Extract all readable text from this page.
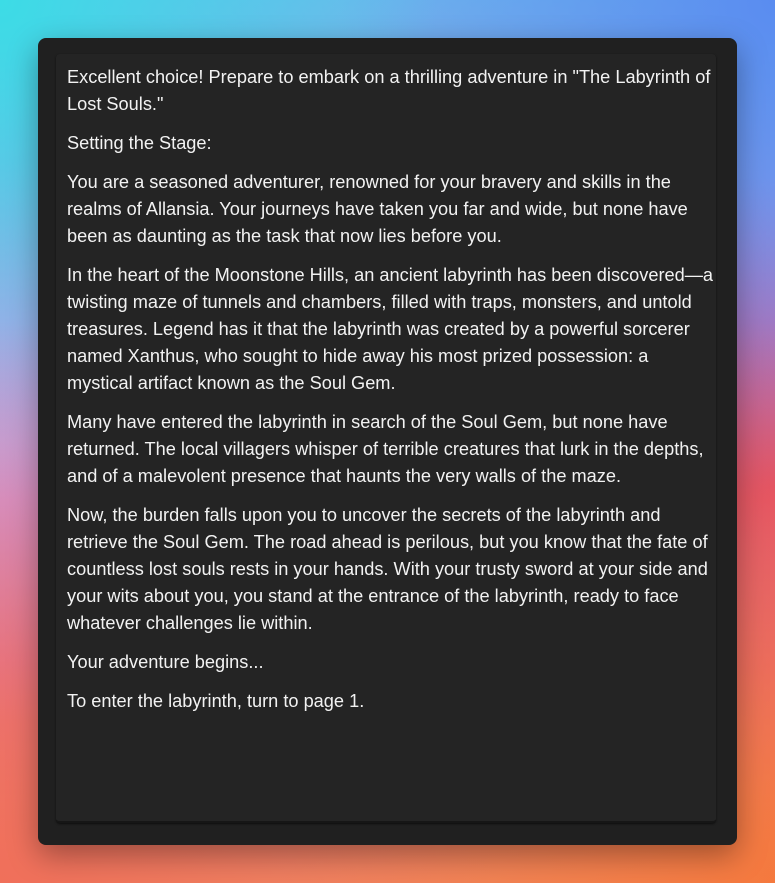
Excellent choice! Prepare to embark on a thrilling adventure in "The Labyrinth of Lost Souls."

Setting the Stage:

You are a seasoned adventurer, renowned for your bravery and skills in the realms of Allansia. Your journeys have taken you far and wide, but none have been as daunting as the task that now lies before you.

In the heart of the Moonstone Hills, an ancient labyrinth has been discovered—a twisting maze of tunnels and chambers, filled with traps, monsters, and untold treasures. Legend has it that the labyrinth was created by a powerful sorcerer named Xanthus, who sought to hide away his most prized possession: a mystical artifact known as the Soul Gem.

Many have entered the labyrinth in search of the Soul Gem, but none have returned. The local villagers whisper of terrible creatures that lurk in the depths, and of a malevolent presence that haunts the very walls of the maze.

Now, the burden falls upon you to uncover the secrets of the labyrinth and retrieve the Soul Gem. The road ahead is perilous, but you know that the fate of countless lost souls rests in your hands. With your trusty sword at your side and your wits about you, you stand at the entrance of the labyrinth, ready to face whatever challenges lie within.

Your adventure begins...

To enter the labyrinth, turn to page 1.
